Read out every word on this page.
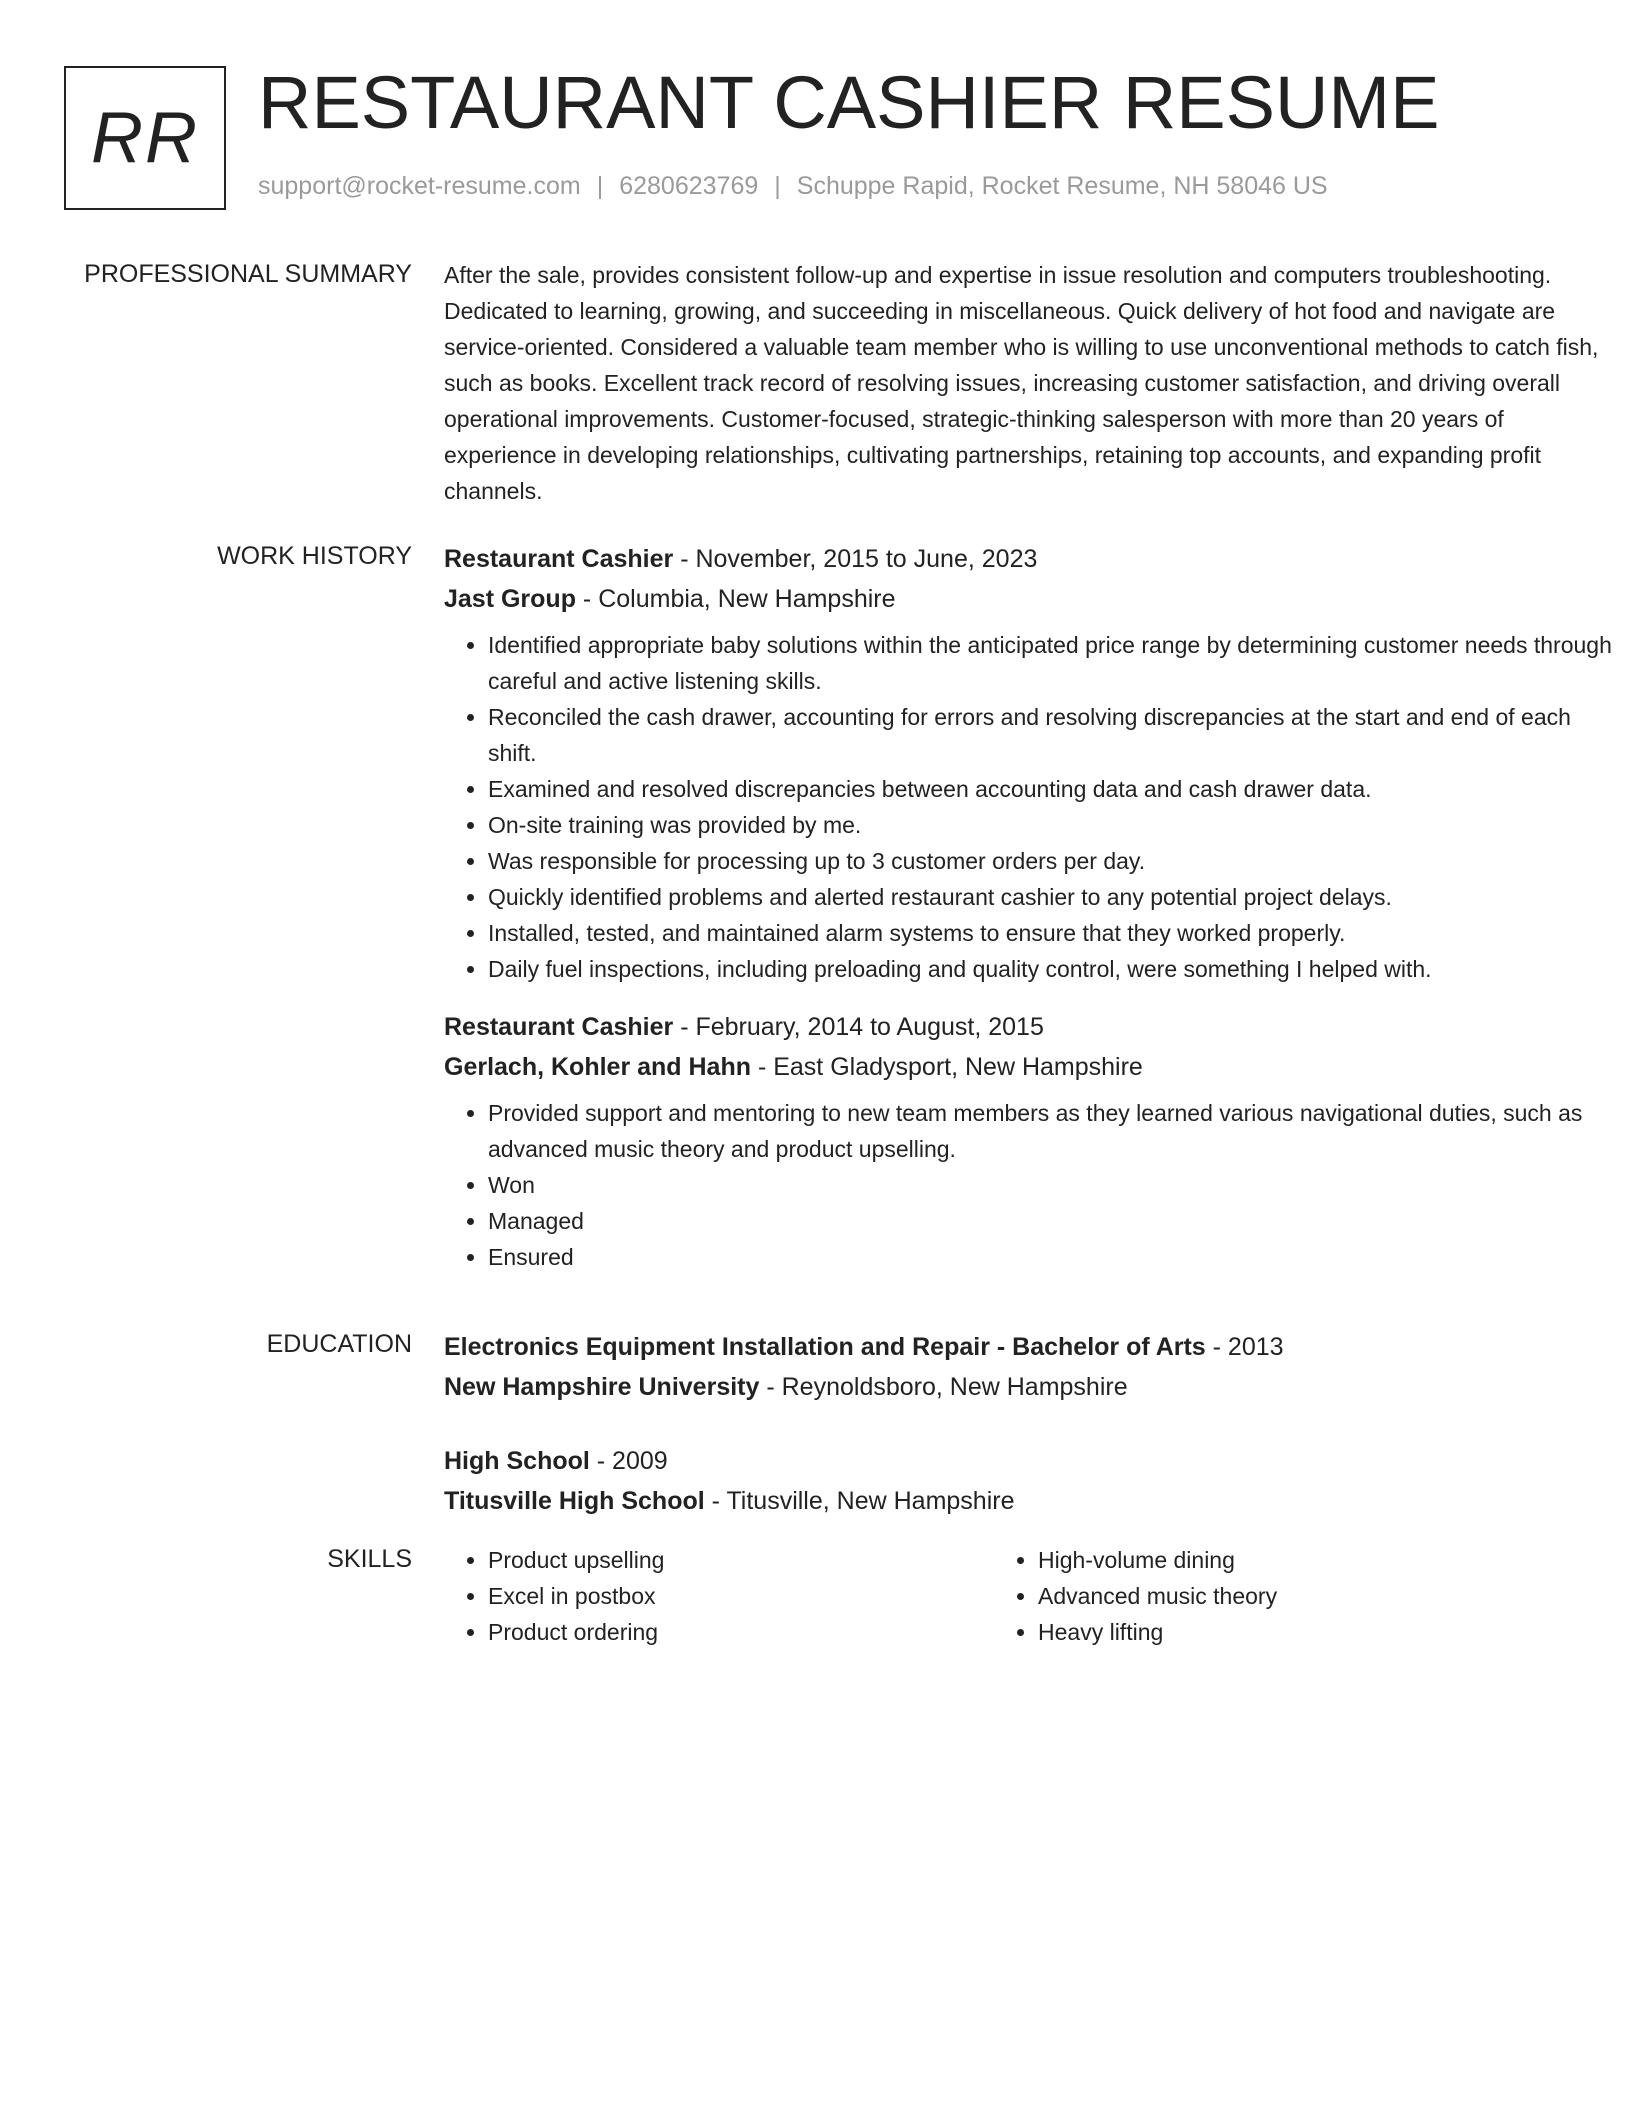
RR RESTAURANT CASHIER RESUME
support@rocket-resume.com | 6280623769 | Schuppe Rapid, Rocket Resume, NH 58046 US
PROFESSIONAL SUMMARY After the sale, provides consistent follow-up and expertise in issue resolution and computers troubleshooting. Dedicated to learning, growing, and succeeding in miscellaneous. Quick delivery of hot food and navigate are service-oriented. Considered a valuable team member who is willing to use unconventional methods to catch fish, such as books. Excellent track record of resolving issues, increasing customer satisfaction, and driving overall operational improvements. Customer-focused, strategic-thinking salesperson with more than 20 years of experience in developing relationships, cultivating partnerships, retaining top accounts, and expanding profit channels.

WORK HISTORY Restaurant Cashier - November, 2015 to June, 2023
Jast Group - Columbia, New Hampshire
• Identified appropriate baby solutions within the anticipated price range by determining customer needs through careful and active listening skills.
• Reconciled the cash drawer, accounting for errors and resolving discrepancies at the start and end of each shift.
• Examined and resolved discrepancies between accounting data and cash drawer data.
• On-site training was provided by me.
• Was responsible for processing up to 3 customer orders per day.
• Quickly identified problems and alerted restaurant cashier to any potential project delays.
• Installed, tested, and maintained alarm systems to ensure that they worked properly.
• Daily fuel inspections, including preloading and quality control, were something I helped with.
Restaurant Cashier - February, 2014 to August, 2015
Gerlach, Kohler and Hahn - East Gladysport, New Hampshire
• Provided support and mentoring to new team members as they learned various navigational duties, such as advanced music theory and product upselling.
• Won
• Managed
• Ensured
EDUCATION Electronics Equipment Installation and Repair - Bachelor of Arts - 2013
New Hampshire University - Reynoldsboro, New Hampshire
High School - 2009
Titusville High School - Titusville, New Hampshire
SKILLS
•	Product upselling
• Excel in postbox
• Product ordering
• High-volume dining
• Advanced music theory
• Heavy lifting
